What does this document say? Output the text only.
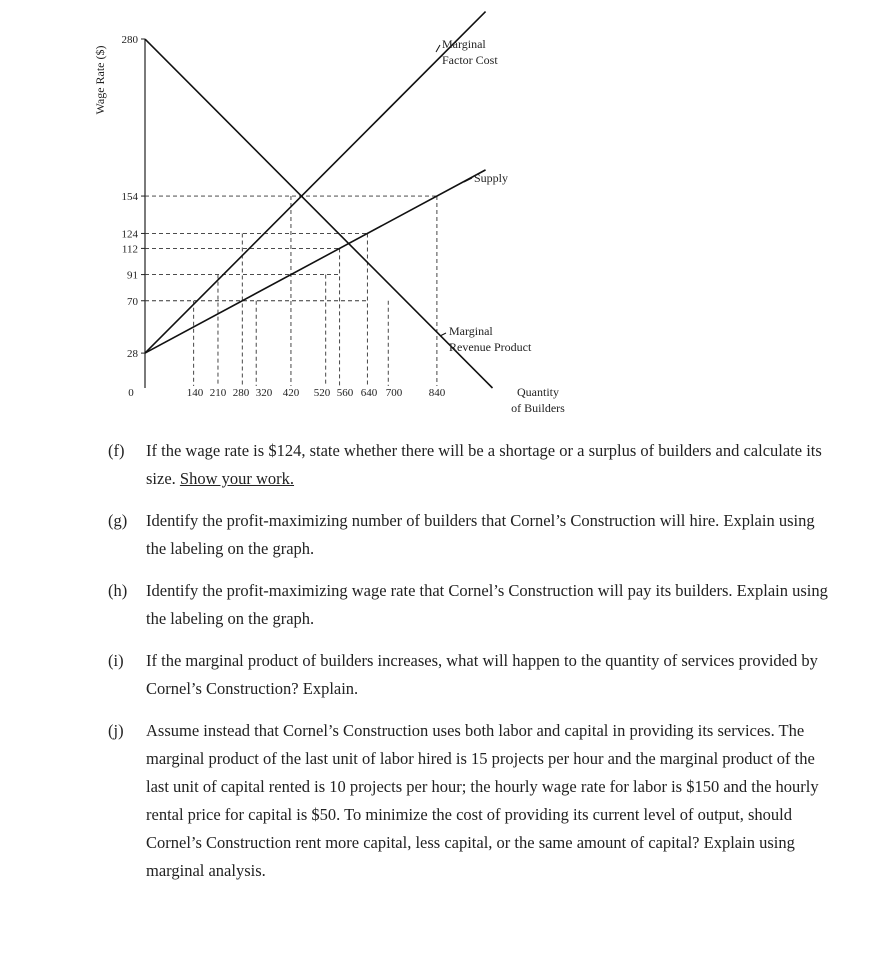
28
70
91
112
124
154
280
0	140 210 280 320 420 520 560 640 700 840
Marginal
Factor Cost
Supply
Marginal
Revenue Product
Quantity
of Builders
Wage Rate ($)
(f) If the wage rate is $124, state whether there will be a shortage or a surplus of builders and calculate its size. Show your work.
(g) Identify the profit-maximizing number of builders that Cornel’s Construction will hire. Explain using the labeling on the graph.
(h) Identify the profit-maximizing wage rate that Cornel’s Construction will pay its builders. Explain using the labeling on the graph.
(i) If the marginal product of builders increases, what will happen to the quantity of services provided by Cornel’s Construction? Explain.
(j) Assume instead that Cornel’s Construction uses both labor and capital in providing its services. The marginal product of the last unit of labor hired is 15 projects per hour and the marginal product of the last unit of capital rented is 10 projects per hour; the hourly wage rate for labor is $150 and the hourly rental price for capital is $50. To minimize the cost of providing its current level of output, should Cornel’s Construction rent more capital, less capital, or the same amount of capital? Explain using marginal analysis.
